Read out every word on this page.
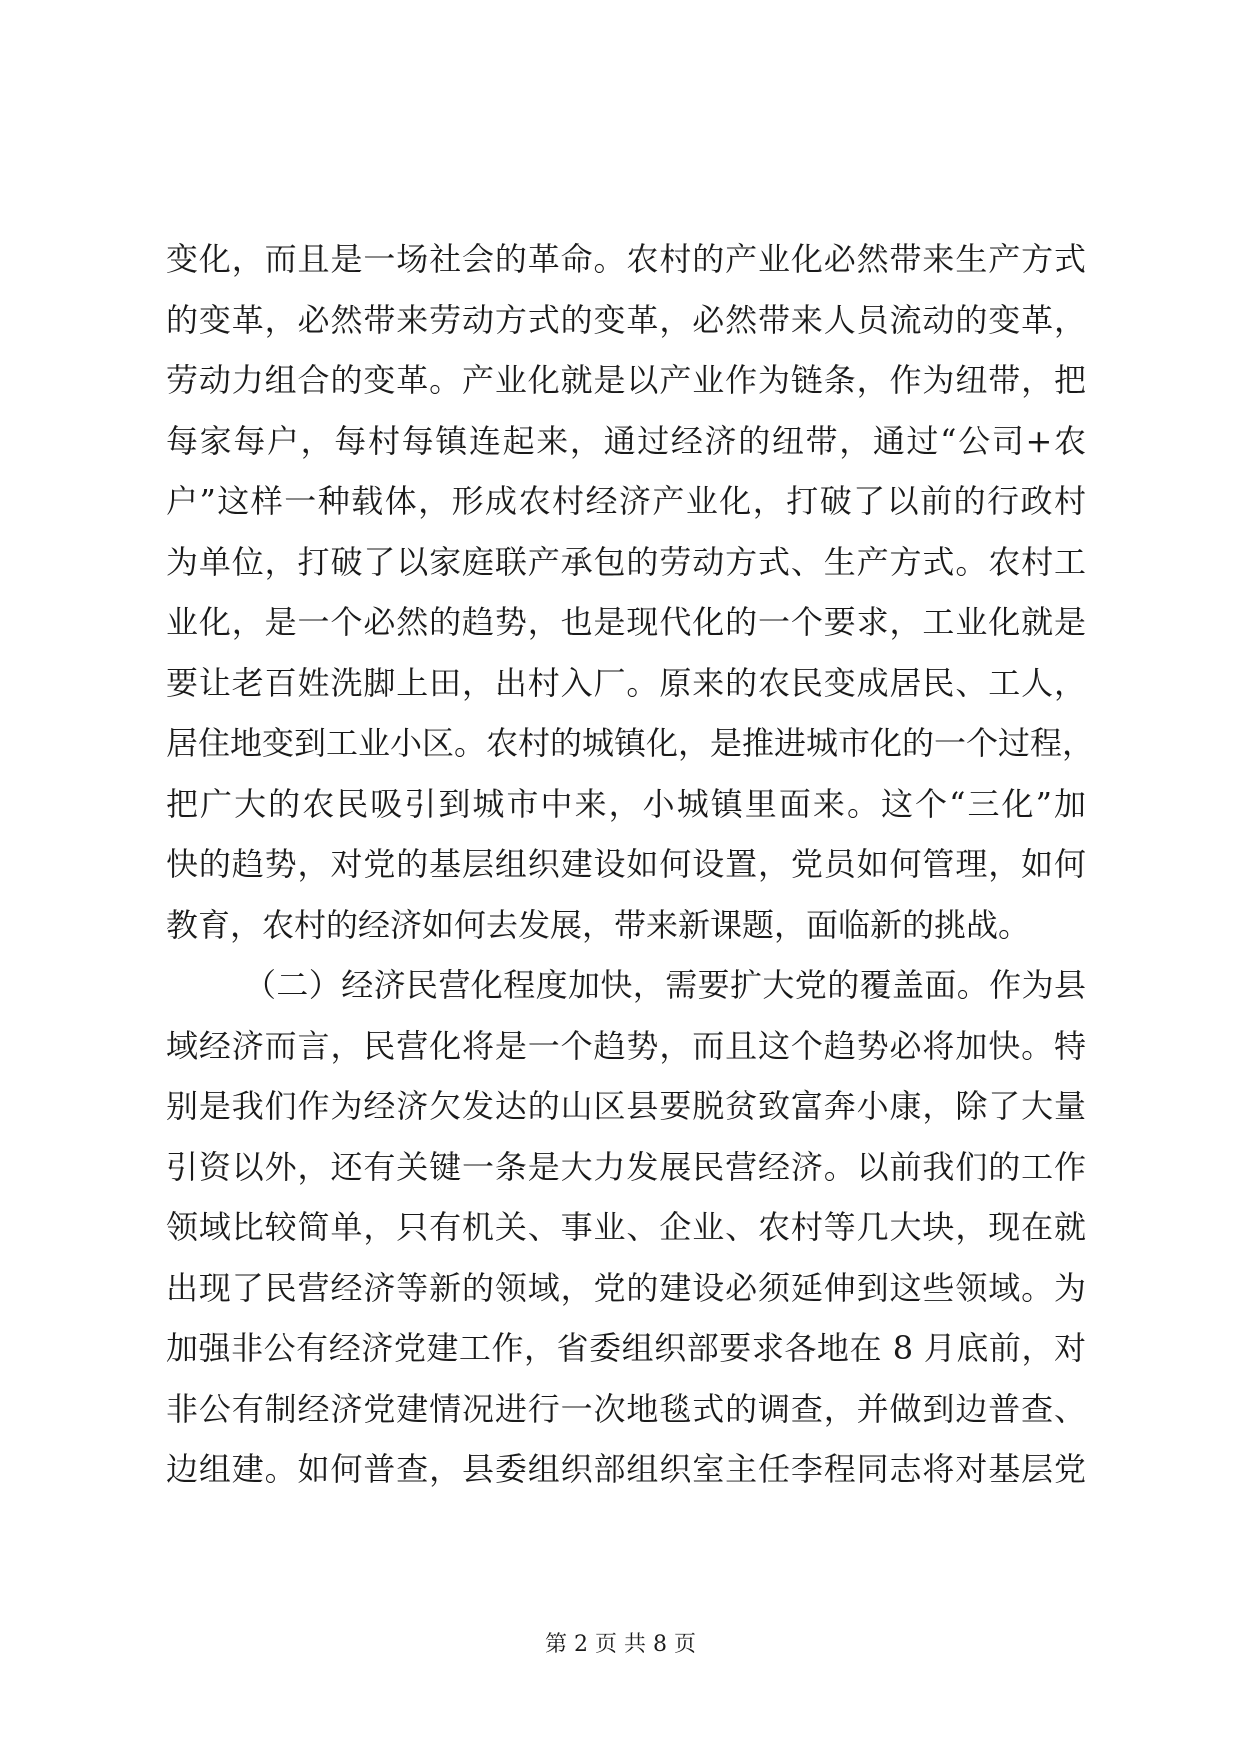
变化，而且是一场社会的革命。农村的产业化必然带来生产方式
的变革，必然带来劳动方式的变革，必然带来人员流动的变革，
劳动力组合的变革。产业化就是以产业作为链条，作为纽带，把
每家每户，每村每镇连起来，通过经济的纽带，通过“公司+农
户”这样一种载体，形成农村经济产业化，打破了以前的行政村
为单位，打破了以家庭联产承包的劳动方式、生产方式。农村工
业化，是一个必然的趋势，也是现代化的一个要求，工业化就是
要让老百姓洗脚上田，出村入厂。原来的农民变成居民、工人，
居住地变到工业小区。农村的城镇化，是推进城市化的一个过程，
把广大的农民吸引到城市中来，小城镇里面来。这个“三化”加
快的趋势，对党的基层组织建设如何设置，党员如何管理，如何
教育，农村的经济如何去发展，带来新课题，面临新的挑战。
（二）经济民营化程度加快，需要扩大党的覆盖面。作为县
域经济而言，民营化将是一个趋势，而且这个趋势必将加快。特
别是我们作为经济欠发达的山区县要脱贫致富奔小康，除了大量
引资以外，还有关键一条是大力发展民营经济。以前我们的工作
领域比较简单，只有机关、事业、企业、农村等几大块，现在就
出现了民营经济等新的领域，党的建设必须延伸到这些领域。为
加强非公有经济党建工作，省委组织部要求各地在 8 月底前，对
非公有制经济党建情况进行一次地毯式的调查，并做到边普查、
边组建。如何普查，县委组织部组织室主任李程同志将对基层党
第 2 页 共 8 页
